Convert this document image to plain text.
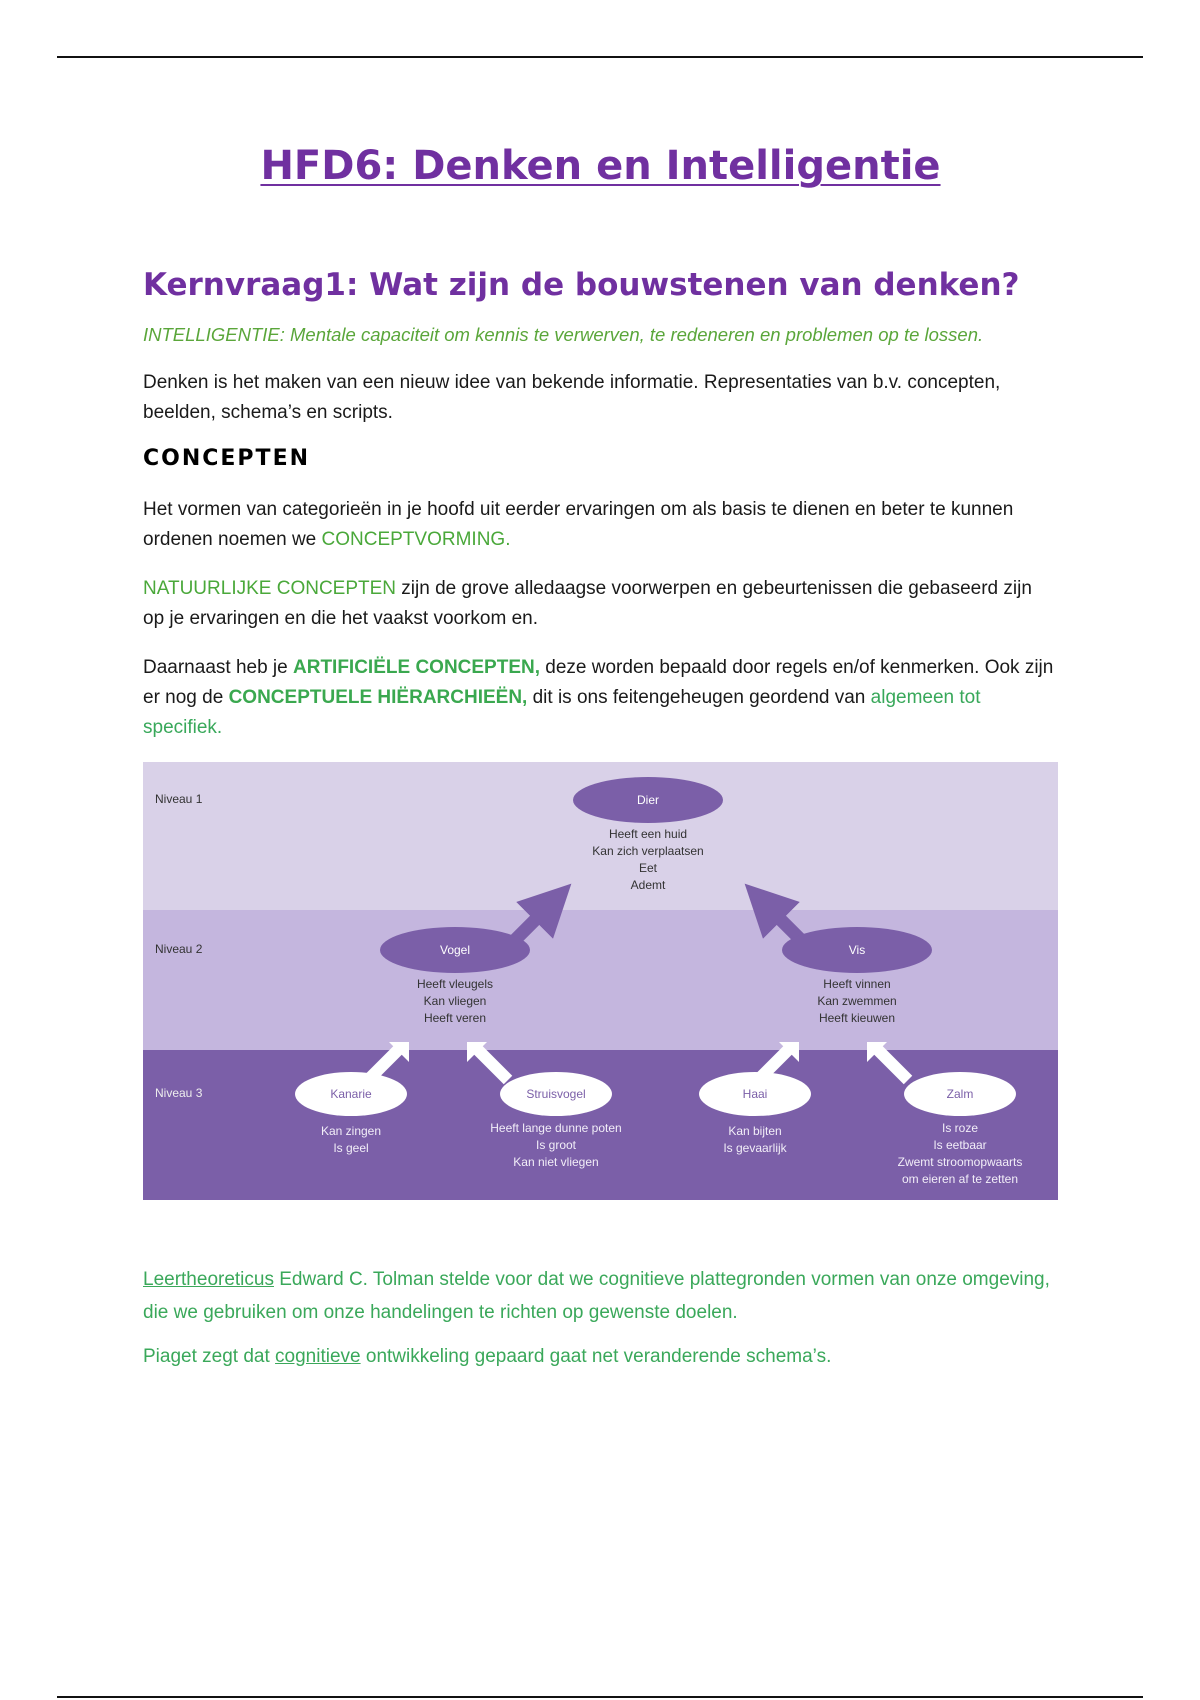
HFD6: Denken en Intelligentie
Kernvraag1: Wat zijn de bouwstenen van denken?

INTELLIGENTIE: Mentale capaciteit om kennis te verwerven, te redeneren en problemen op te lossen.

Denken is het maken van een nieuw idee van bekende informatie. Representaties van b.v. concepten, beelden, schema’s en scripts.

CONCEPTEN

Het vormen van categorieën in je hoofd uit eerder ervaringen om als basis te dienen en beter te kunnen ordenen noemen we CONCEPTVORMING.

NATUURLIJKE CONCEPTEN zijn de grove alledaagse voorwerpen en gebeurtenissen die gebaseerd zijn op je ervaringen en die het vaakst voorkom en.

Daarnaast heb je ARTIFICIËLE CONCEPTEN, deze worden bepaald door regels en/of kenmerken. Ook zijn er nog de CONCEPTUELE HIËRARCHIEËN, dit is ons feitengeheugen geordend van algemeen tot specifiek.

Niveau 1
Niveau 2
Niveau 3
Dier
Heeft een huid
Kan zich verplaatsen
Eet
Ademt
Vogel
Heeft vleugels
Kan vliegen
Heeft veren
Vis
Heeft vinnen
Kan zwemmen
Heeft kieuwen
Kanarie
Kan zingen
Is geel
Struisvogel
Heeft lange dunne poten
Is groot
Kan niet vliegen
Haai
Kan bijten
Is gevaarlijk
Zalm
Is roze
Is eetbaar
Zwemt stroomopwaarts
om eieren af te zetten

Leertheoreticus Edward C. Tolman stelde voor dat we cognitieve plattegronden vormen van onze omgeving, die we gebruiken om onze handelingen te richten op gewenste doelen.

Piaget zegt dat cognitieve ontwikkeling gepaard gaat net veranderende schema’s.
